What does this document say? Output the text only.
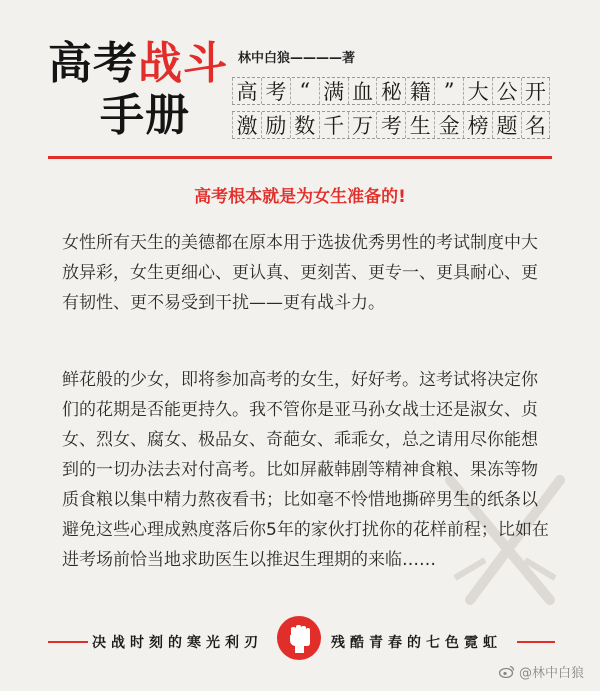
高考战斗
手册
林中白狼————著
高 考 “ 满 血 秘 籍 ” 大 公 开
激 励 数 千 万 考 生 金 榜 题 名
高考根本就是为女生准备的!

女性所有天生的美德都在原本用于选拔优秀男性的考试制度中大放异彩，女生更细心、更认真、更刻苦、更专一、更具耐心、更有韧性、更不易受到干扰——更有战斗力。

鲜花般的少女，即将参加高考的女生，好好考。这考试将决定你们的花期是否能更持久
。我不管你是亚马孙女战士还是淑女、贞女、烈女、腐女、极品女、奇葩女、乖乖女，总之请用尽你能想到的一切办法去对付高考
。比如屏蔽韩剧等精神食粮、果冻等物质食粮以集中精力熬夜看书；比如毫不怜惜地撕碎男生的纸条以避免这些心理成熟度落后你5年的家伙打扰你的花样前程；比如在进考场前恰当地求助医生以推迟生理期的来临……

决战时刻的寒光利刃	残酷青春的七色霓虹
@林中白狼
